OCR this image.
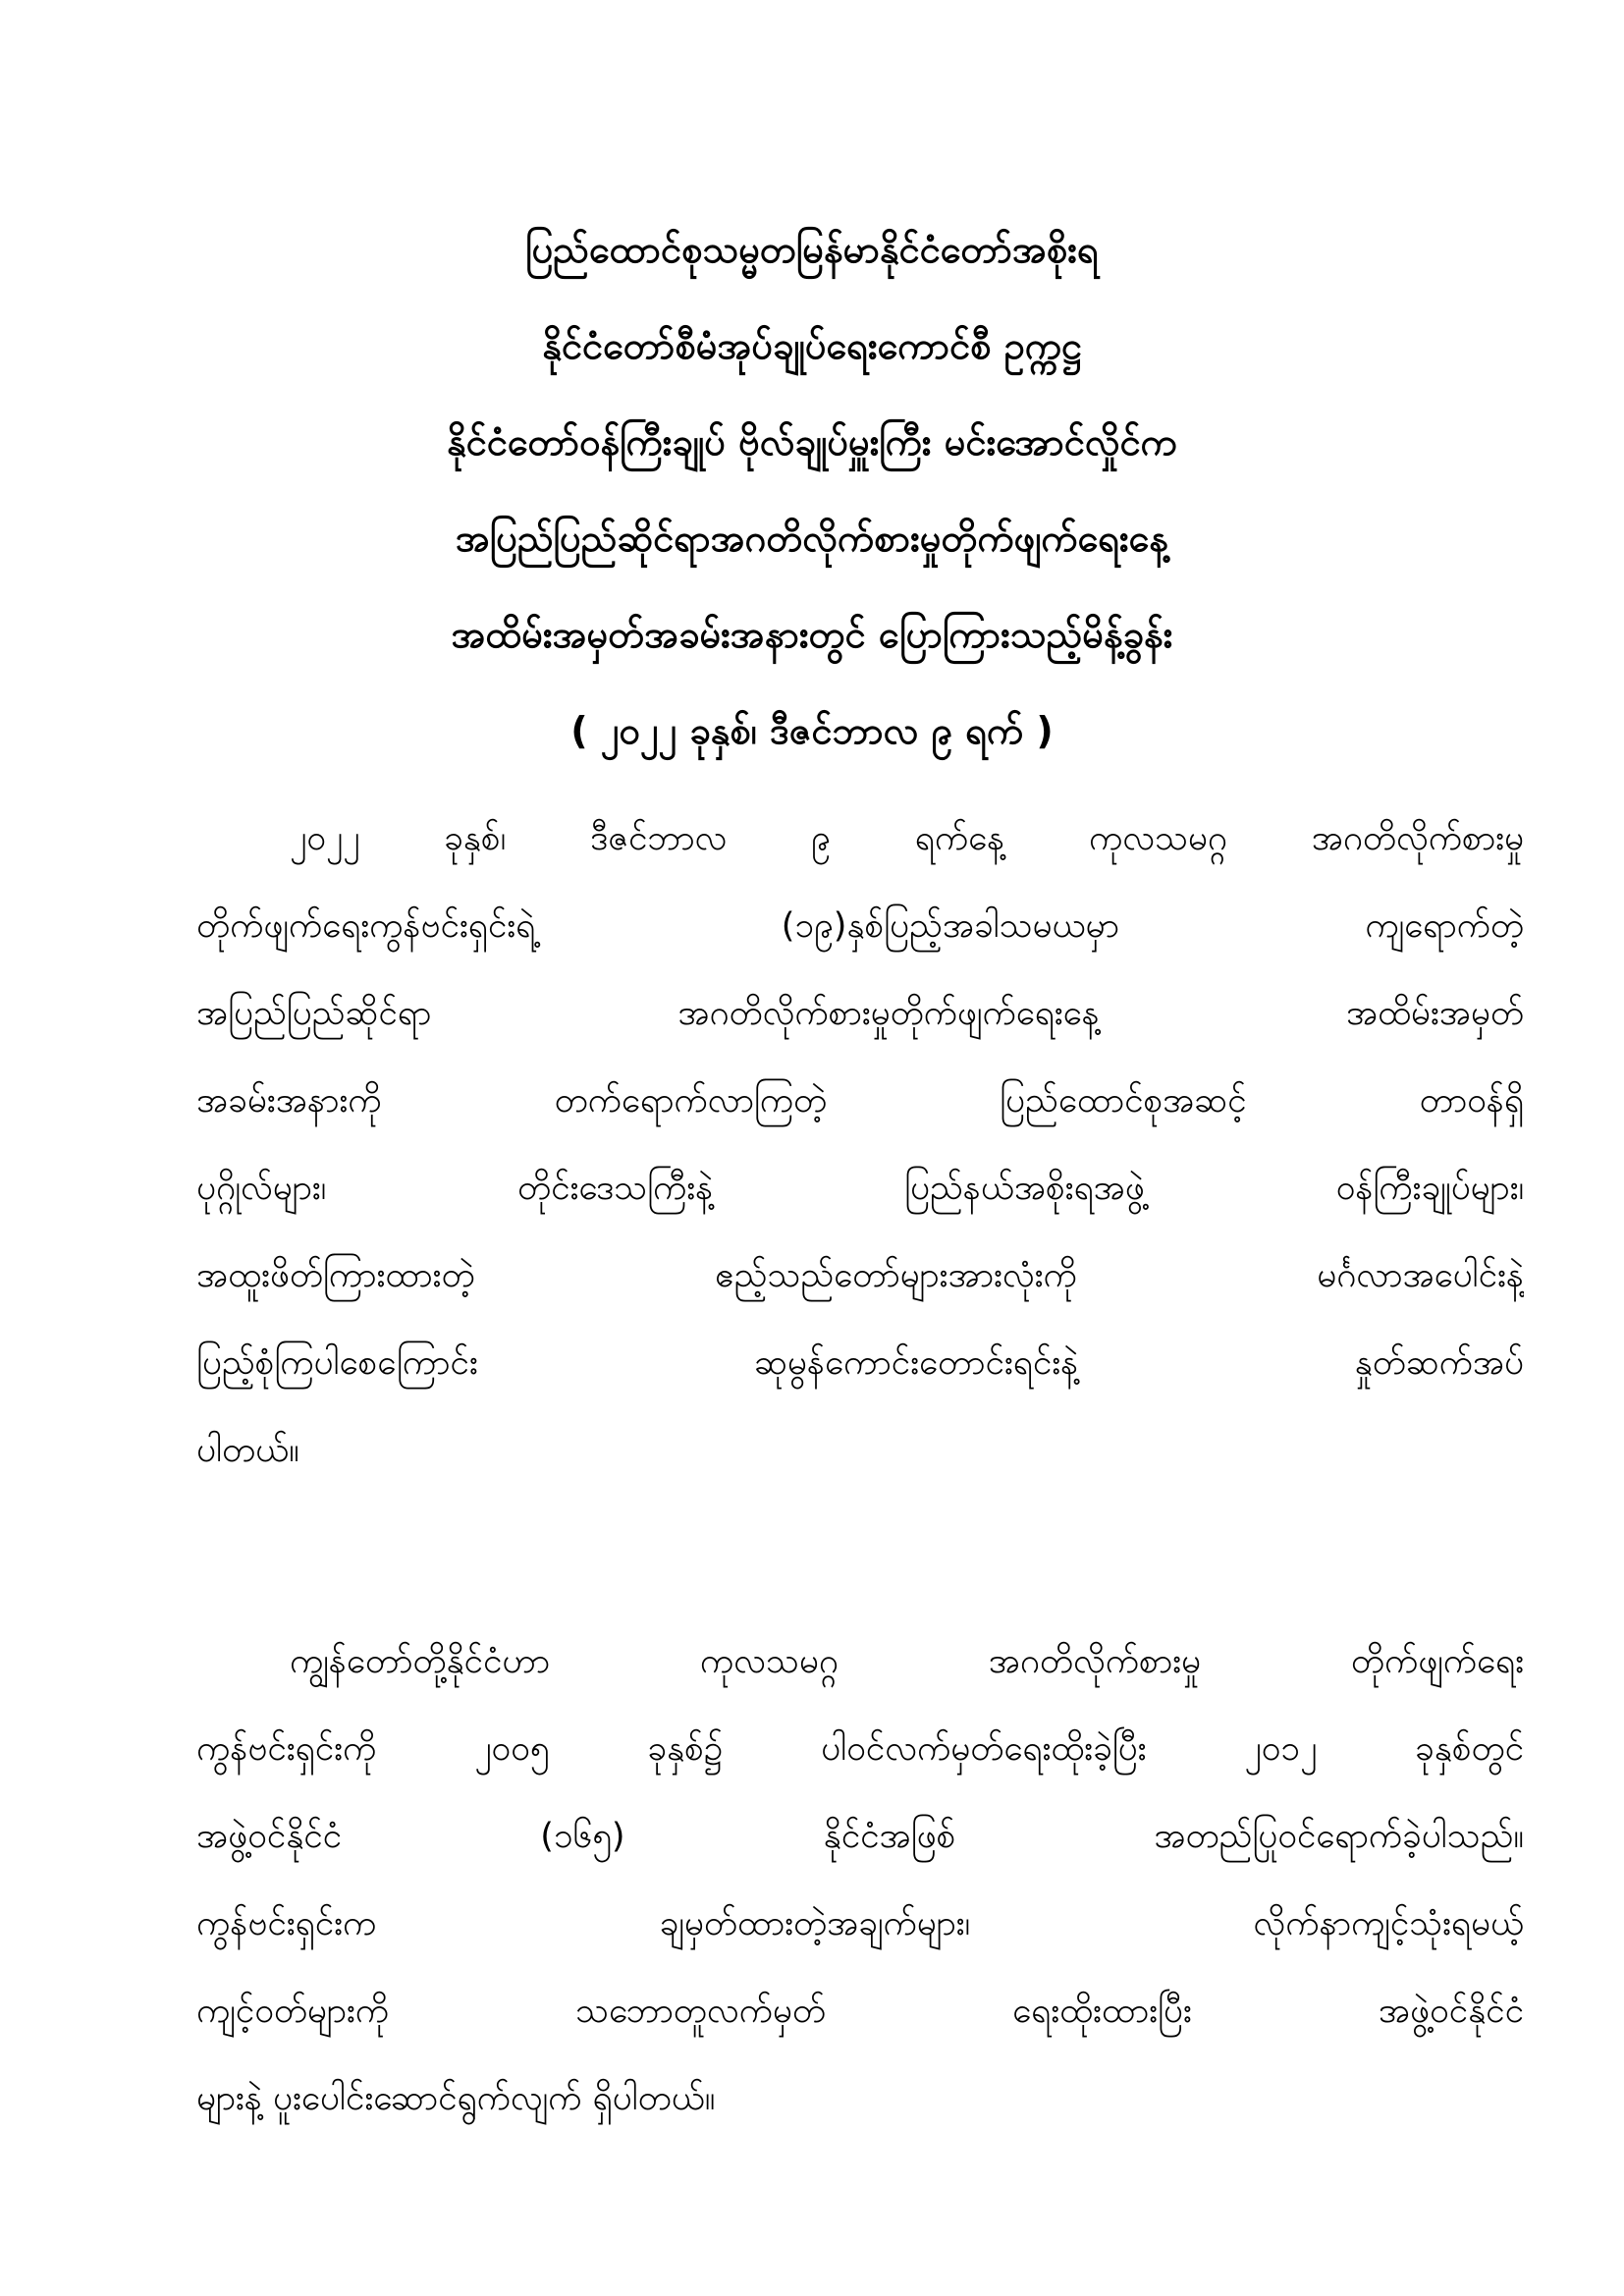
ပြည်ထောင်စုသမ္မတမြန်မာနိုင်ငံတော်အစိုးရ
နိုင်ငံတော်စီမံအုပ်ချုပ်ရေးကောင်စီ ဥက္ကဋ္ဌ
နိုင်ငံတော်ဝန်ကြီးချုပ် ဗိုလ်ချုပ်မှူးကြီး မင်းအောင်လှိုင်က
အပြည်ပြည်ဆိုင်ရာအဂတိလိုက်စားမှုတိုက်ဖျက်ရေးနေ့
အထိမ်းအမှတ်အခမ်းအနားတွင် ပြောကြားသည့်မိန့်ခွန်း
( ၂၀၂၂ ခုနှစ်၊ ဒီဇင်ဘာလ ၉ ရက် )
၂၀၂၂ ခုနှစ်၊ ဒီဇင်ဘာလ ၉ ရက်နေ့ ကုလသမဂ္ဂ အဂတိလိုက်စားမှု
တိုက်ဖျက်ရေးကွန်ဗင်းရှင်းရဲ့ (၁၉)နှစ်ပြည့်အခါသမယမှာ ကျရောက်တဲ့
အပြည်ပြည်ဆိုင်ရာ အဂတိလိုက်စားမှုတိုက်ဖျက်ရေးနေ့ အထိမ်းအမှတ်
အခမ်းအနားကို တက်ရောက်လာကြတဲ့ ပြည်ထောင်စုအဆင့် တာဝန်ရှိ
ပုဂ္ဂိုလ်များ၊ တိုင်းဒေသကြီးနဲ့ ပြည်နယ်အစိုးရအဖွဲ့ ဝန်ကြီးချုပ်များ၊
အထူးဖိတ်ကြားထားတဲ့ ဧည့်သည်တော်များအားလုံးကို မင်္ဂလာအပေါင်းနဲ့
ပြည့်စုံကြပါစေကြောင်း ဆုမွန်ကောင်းတောင်းရင်းနဲ့ နှုတ်ဆက်အပ်
ပါတယ်။
ကျွန်တော်တို့နိုင်ငံဟာ ကုလသမဂ္ဂ အဂတိလိုက်စားမှု တိုက်ဖျက်ရေး
ကွန်ဗင်းရှင်းကို ၂၀၀၅ ခုနှစ်၌ ပါဝင်လက်မှတ်ရေးထိုးခဲ့ပြီး ၂၀၁၂ ခုနှစ်တွင်
အဖွဲ့ဝင်နိုင်ငံ (၁၆၅) နိုင်ငံအဖြစ် အတည်ပြုဝင်ရောက်ခဲ့ပါသည်။
ကွန်ဗင်းရှင်းက ချမှတ်ထားတဲ့အချက်များ၊ လိုက်နာကျင့်သုံးရမယ့်
ကျင့်ဝတ်များကို သဘောတူလက်မှတ် ရေးထိုးထားပြီး အဖွဲ့ဝင်နိုင်ငံ
များနဲ့ ပူးပေါင်းဆောင်ရွက်လျက် ရှိပါတယ်။
